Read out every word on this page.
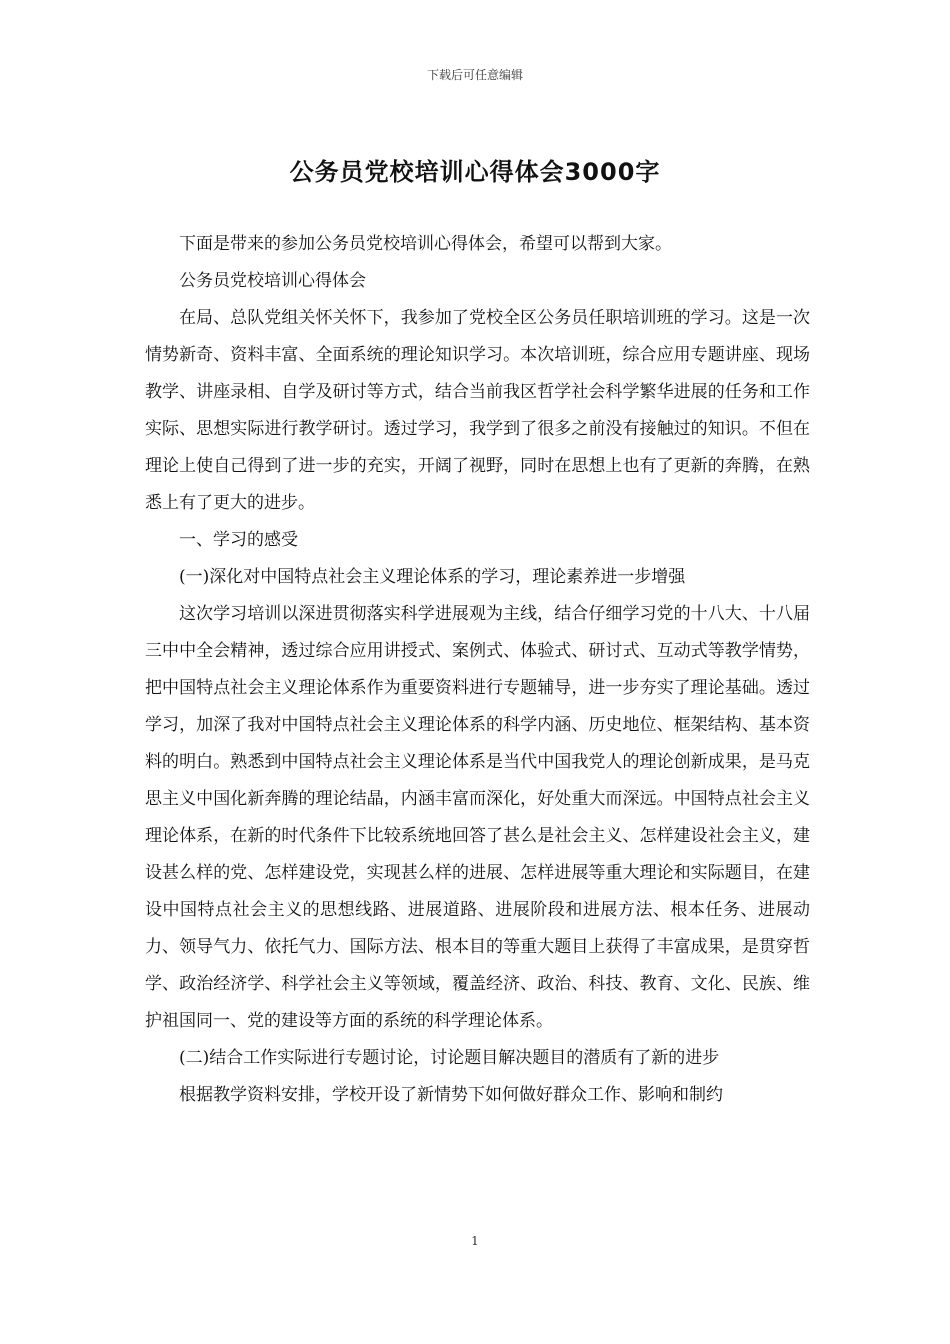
下载后可任意编辑
公务员党校培训心得体会3000字

下面是带来的参加公务员党校培训心得体会，希望可以帮到大家。

公务员党校培训心得体会

在局、总队党组关怀关怀下，我参加了党校全区公务员任职培训班的学习。这是一次情势新奇、资料丰富、全面系统的理论知识学习。本次培训班，综合应用专题讲座、现场教学、讲座录相、自学及研讨等方式，结合当前我区哲学社会科学繁华进展的任务和工作实际、思想实际进行教学研讨。透过学习，我学到了很多之前没有接触过的知识。不但在理论上使自己得到了进一步的充实，开阔了视野，同时在思想上也有了更新的奔腾，在熟悉上有了更大的进步。

一、学习的感受

(一)深化对中国特点社会主义理论体系的学习，理论素养进一步增强

这次学习培训以深进贯彻落实科学进展观为主线，结合仔细学习党的十八大、十八届三中中全会精神，透过综合应用讲授式、案例式、体验式、研讨式、互动式等教学情势，把中国特点社会主义理论体系作为重要资料进行专题辅导，进一步夯实了理论基础。透过学习，加深了我对中国特点社会主义理论体系的科学内涵、历史地位、框架结构、基本资料的明白。熟悉到中国特点社会主义理论体系是当代中国我党人的理论创新成果，是马克思主义中国化新奔腾的理论结晶，内涵丰富而深化，好处重大而深远。中国特点社会主义理论体系，在新的时代条件下比较系统地回答了甚么是社会主义、怎样建设社会主义，建设甚么样的党、怎样建设党，实现甚么样的进展、怎样进展等重大理论和实际题目，在建设中国特点社会主义的思想线路、进展道路、进展阶段和进展方法、根本任务、进展动力、领导气力、依托气力、国际方法、根本目的等重大题目上获得了丰富成果，是贯穿哲学、政治经济学、科学社会主义等领域，覆盖经济、政治、科技、教育、文化、民族、维护祖国同一、党的建设等方面的系统的科学理论体系。

(二)结合工作实际进行专题讨论，讨论题目解决题目的潜质有了新的进步

根据教学资料安排，学校开设了新情势下如何做好群众工作、影响和制约

1
